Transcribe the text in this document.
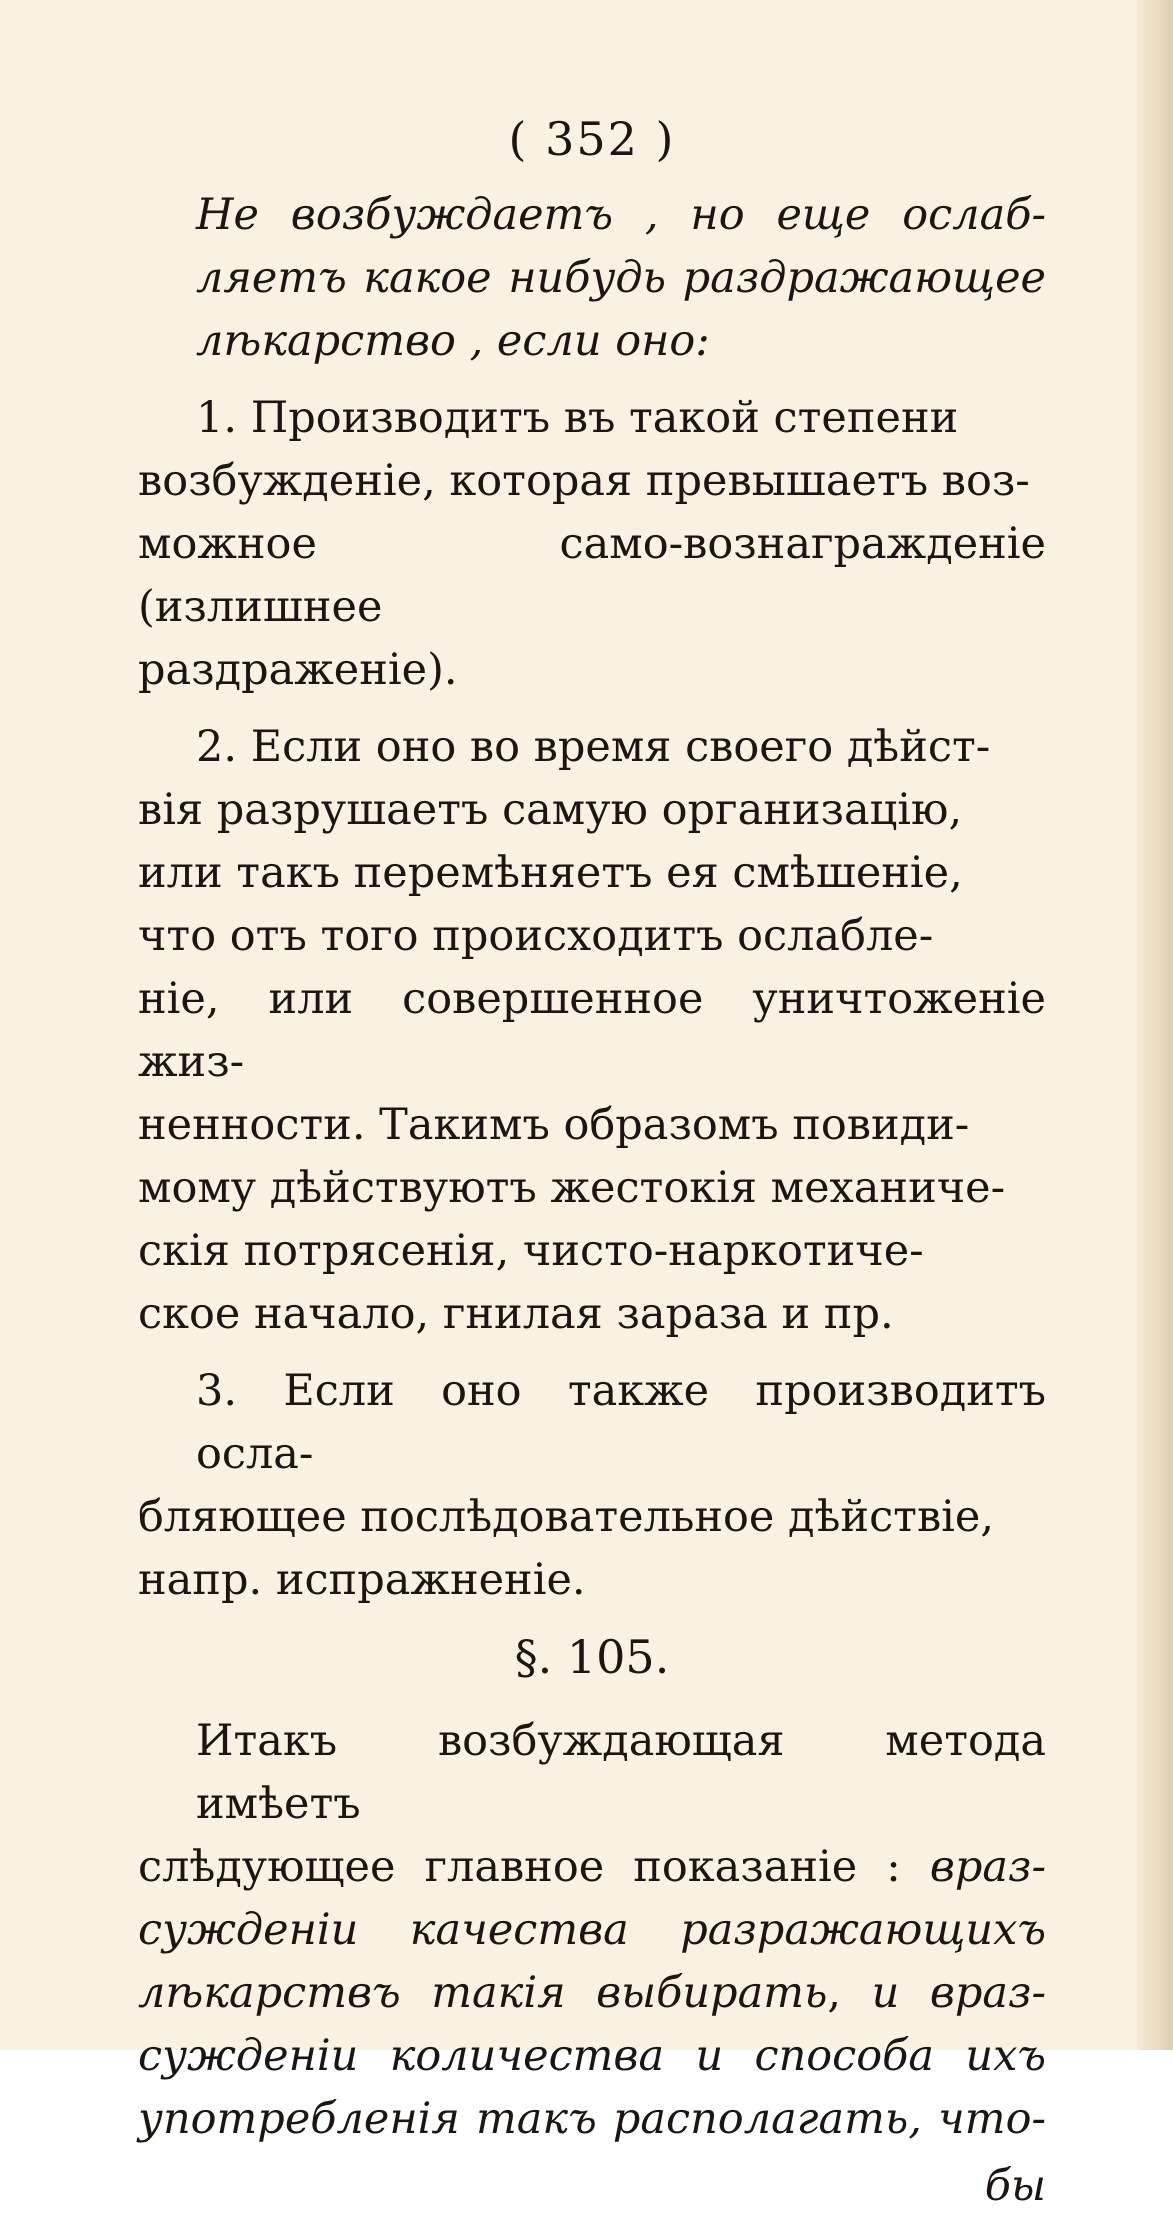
( 352 )
Не возбуждаетъ , но еще ослаб-
ляетъ какое нибудь раздражающее
лѣкарство , если оно:
1. Производитъ въ такой степени
возбужденіе, которая превышаетъ воз-
можное само-вознагражденіе (излишнее
раздраженіе).
2. Если оно во время своего дѣйст-
вія разрушаетъ самую организацію,
или такъ перемѣняетъ ея смѣшеніе,
что отъ того происходитъ ослабле-
ніе, или совершенное уничтоженіе жиз-
ненности. Такимъ образомъ повиди-
мому дѣйствуютъ жестокія механиче-
скія потрясенія, чисто-наркотиче-
ское начало, гнилая зараза и пр.
3. Если оно также производитъ осла-
бляющее послѣдовательное дѣйствіе,
напр. испражненіе.
§. 105.
Итакъ возбуждающая метода имѣетъ
слѣдующее главное показаніе : враз-
сужденіи качества разражающихъ
лѣкарствъ такія выбирать, и враз-
сужденіи количества и способа ихъ
употребленія такъ располагать, что-
бы
